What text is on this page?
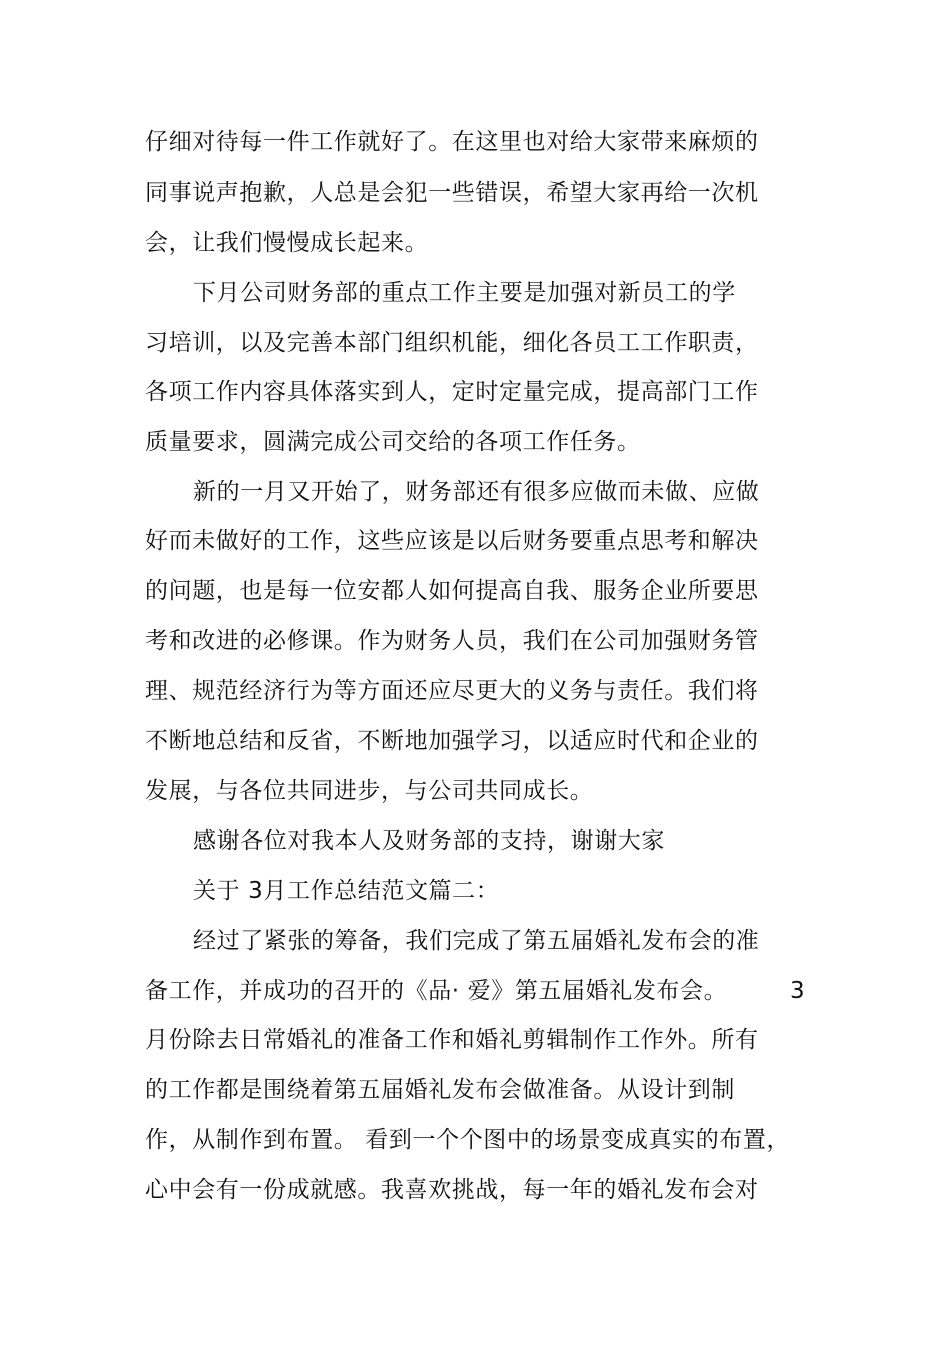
仔细对待每一件工作就好了。在这里也对给大家带来麻烦的
同事说声抱歉，人总是会犯一些错误，希望大家再给一次机
会，让我们慢慢成长起来。
下月公司财务部的重点工作主要是加强对新员工的学
习培训，以及完善本部门组织机能，细化各员工工作职责，
各项工作内容具体落实到人，定时定量完成，提高部门工作
质量要求，圆满完成公司交给的各项工作任务。
新的一月又开始了，财务部还有很多应做而未做、应做
好而未做好的工作，这些应该是以后财务要重点思考和解决
的问题，也是每一位安都人如何提高自我、服务企业所要思
考和改进的必修课。作为财务人员，我们在公司加强财务管
理、规范经济行为等方面还应尽更大的义务与责任。我们将
不断地总结和反省，不断地加强学习，以适应时代和企业的
发展，与各位共同进步，与公司共同成长。
感谢各位对我本人及财务部的支持，谢谢大家
关于 3月工作总结范文篇二：
经过了紧张的筹备，我们完成了第五届婚礼发布会的准
备工作，并成功的召开的《品· 爱》第五届婚礼发布会。	3
月份除去日常婚礼的准备工作和婚礼剪辑制作工作外。所有
的工作都是围绕着第五届婚礼发布会做准备。从设计到制
作，从制作到布置。 看到一个个图中的场景变成真实的布置，
心中会有一份成就感。我喜欢挑战，每一年的婚礼发布会对
